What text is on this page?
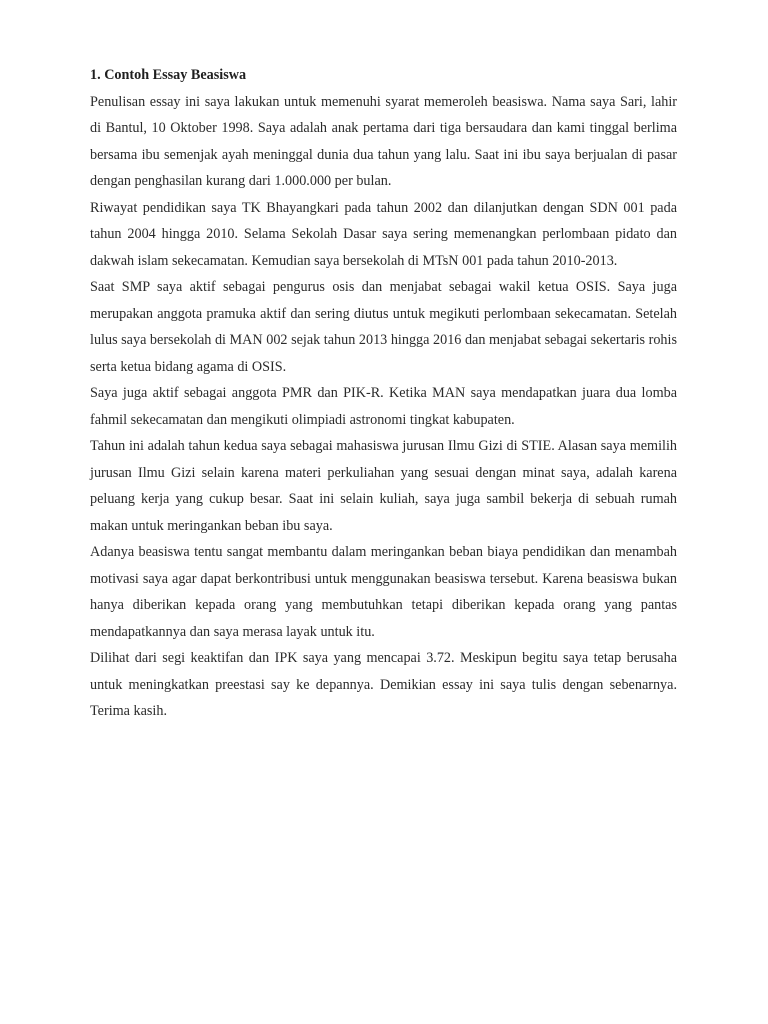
1. Contoh Essay Beasiswa

Penulisan essay ini saya lakukan untuk memenuhi syarat memeroleh beasiswa. Nama saya Sari, lahir di Bantul, 10 Oktober 1998. Saya adalah anak pertama dari tiga bersaudara dan kami tinggal berlima bersama ibu semenjak ayah meninggal dunia dua tahun yang lalu. Saat ini ibu saya berjualan di pasar dengan penghasilan kurang dari 1.000.000 per bulan.

Riwayat pendidikan saya TK Bhayangkari pada tahun 2002 dan dilanjutkan dengan SDN 001 pada tahun 2004 hingga 2010. Selama Sekolah Dasar saya sering memenangkan perlombaan pidato dan dakwah islam sekecamatan. Kemudian saya bersekolah di MTsN 001 pada tahun 2010-2013.

Saat SMP saya aktif sebagai pengurus osis dan menjabat sebagai wakil ketua OSIS. Saya juga merupakan anggota pramuka aktif dan sering diutus untuk megikuti perlombaan sekecamatan. Setelah lulus saya bersekolah di MAN 002 sejak tahun 2013 hingga 2016 dan menjabat sebagai sekertaris rohis serta ketua bidang agama di OSIS.

Saya juga aktif sebagai anggota PMR dan PIK-R. Ketika MAN saya mendapatkan juara dua lomba fahmil sekecamatan dan mengikuti olimpiadi astronomi tingkat kabupaten.

Tahun ini adalah tahun kedua saya sebagai mahasiswa jurusan Ilmu Gizi di STIE. Alasan saya memilih jurusan Ilmu Gizi selain karena materi perkuliahan yang sesuai dengan minat saya, adalah karena peluang kerja yang cukup besar. Saat ini selain kuliah, saya juga sambil bekerja di sebuah rumah makan untuk meringankan beban ibu saya.

Adanya beasiswa tentu sangat membantu dalam meringankan beban biaya pendidikan dan menambah motivasi saya agar dapat berkontribusi untuk menggunakan beasiswa tersebut. Karena beasiswa bukan hanya diberikan kepada orang yang membutuhkan tetapi diberikan kepada orang yang pantas mendapatkannya dan saya merasa layak untuk itu.

Dilihat dari segi keaktifan dan IPK saya yang mencapai 3.72. Meskipun begitu saya tetap berusaha untuk meningkatkan preestasi say ke depannya. Demikian essay ini saya tulis dengan sebenarnya. Terima kasih.
